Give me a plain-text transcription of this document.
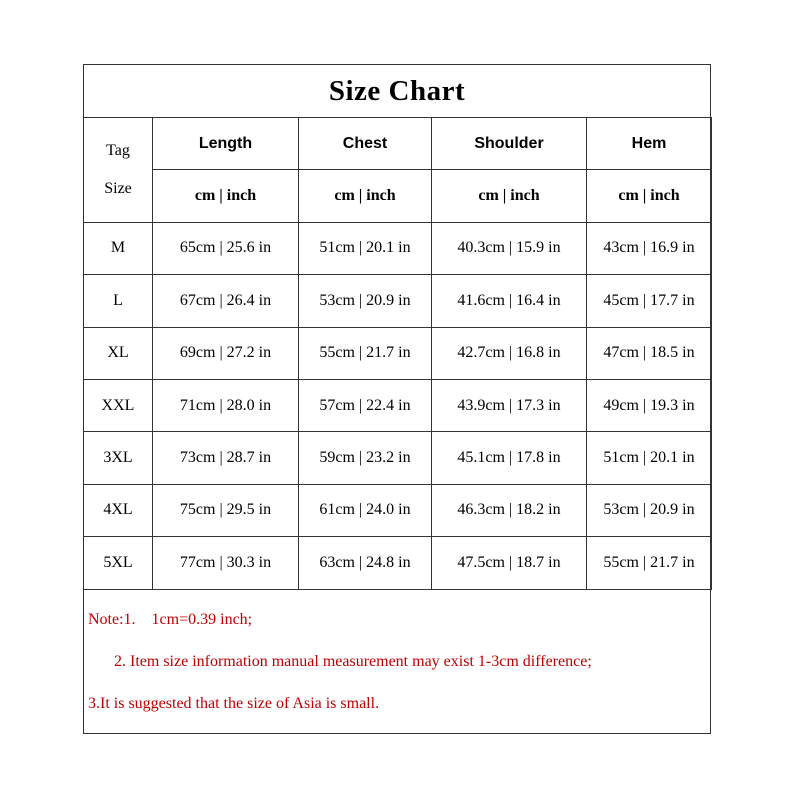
Size Chart
Tag
Size	Length	Chest	Shoulder	Hem
	cm | inch	cm | inch	cm | inch	cm | inch
M	65cm | 25.6 in	51cm | 20.1 in	40.3cm | 15.9 in	43cm | 16.9 in
L	67cm | 26.4 in	53cm | 20.9 in	41.6cm | 16.4 in	45cm | 17.7 in
XL	69cm | 27.2 in	55cm | 21.7 in	42.7cm | 16.8 in	47cm | 18.5 in
XXL	71cm | 28.0 in	57cm | 22.4 in	43.9cm | 17.3 in	49cm | 19.3 in
3XL	73cm | 28.7 in	59cm | 23.2 in	45.1cm | 17.8 in	51cm | 20.1 in
4XL	75cm | 29.5 in	61cm | 24.0 in	46.3cm | 18.2 in	53cm | 20.9 in
5XL	77cm | 30.3 in	63cm | 24.8 in	47.5cm | 18.7 in	55cm | 21.7 in
Note:1.    1cm=0.39 inch;
2. Item size information manual measurement may exist 1-3cm difference;
3.It is suggested that the size of Asia is small.
